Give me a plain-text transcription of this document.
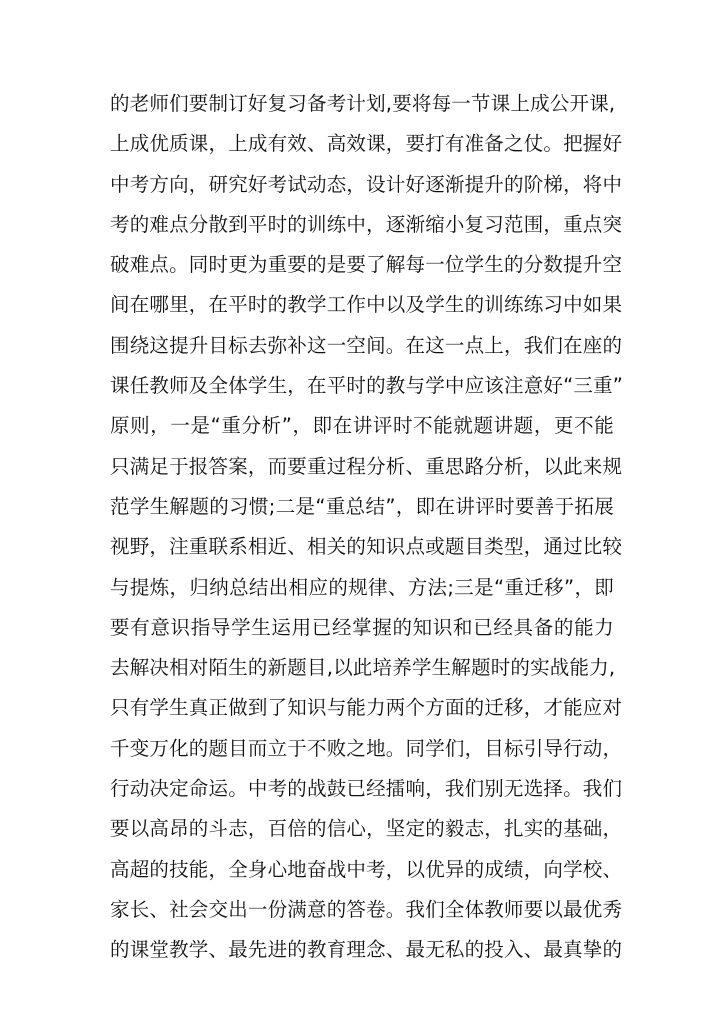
的老师们要制订好复习备考计划,要将每一节课上成公开课,
上成优质课，上成有效、高效课，要打有准备之仗。把握好
中考方向，研究好考试动态，设计好逐渐提升的阶梯，将中
考的难点分散到平时的训练中，逐渐缩小复习范围，重点突
破难点。同时更为重要的是要了解每一位学生的分数提升空
间在哪里，在平时的教学工作中以及学生的训练练习中如果
围绕这提升目标去弥补这一空间。在这一点上，我们在座的
课任教师及全体学生，在平时的教与学中应该注意好“三重”
原则，一是“重分析”，即在讲评时不能就题讲题，更不能
只满足于报答案，而要重过程分析、重思路分析，以此来规
范学生解题的习惯;二是“重总结”，即在讲评时要善于拓展
视野，注重联系相近、相关的知识点或题目类型，通过比较
与提炼，归纳总结出相应的规律、方法;三是“重迁移”，即
要有意识指导学生运用已经掌握的知识和已经具备的能力
去解决相对陌生的新题目,以此培养学生解题时的实战能力,
只有学生真正做到了知识与能力两个方面的迁移，才能应对
千变万化的题目而立于不败之地。同学们，目标引导行动，
行动决定命运。中考的战鼓已经擂响，我们别无选择。我们
要以高昂的斗志，百倍的信心，坚定的毅志，扎实的基础，
高超的技能，全身心地奋战中考，以优异的成绩，向学校、
家长、社会交出一份满意的答卷。我们全体教师要以最优秀
的课堂教学、最先进的教育理念、最无私的投入、最真挚的
